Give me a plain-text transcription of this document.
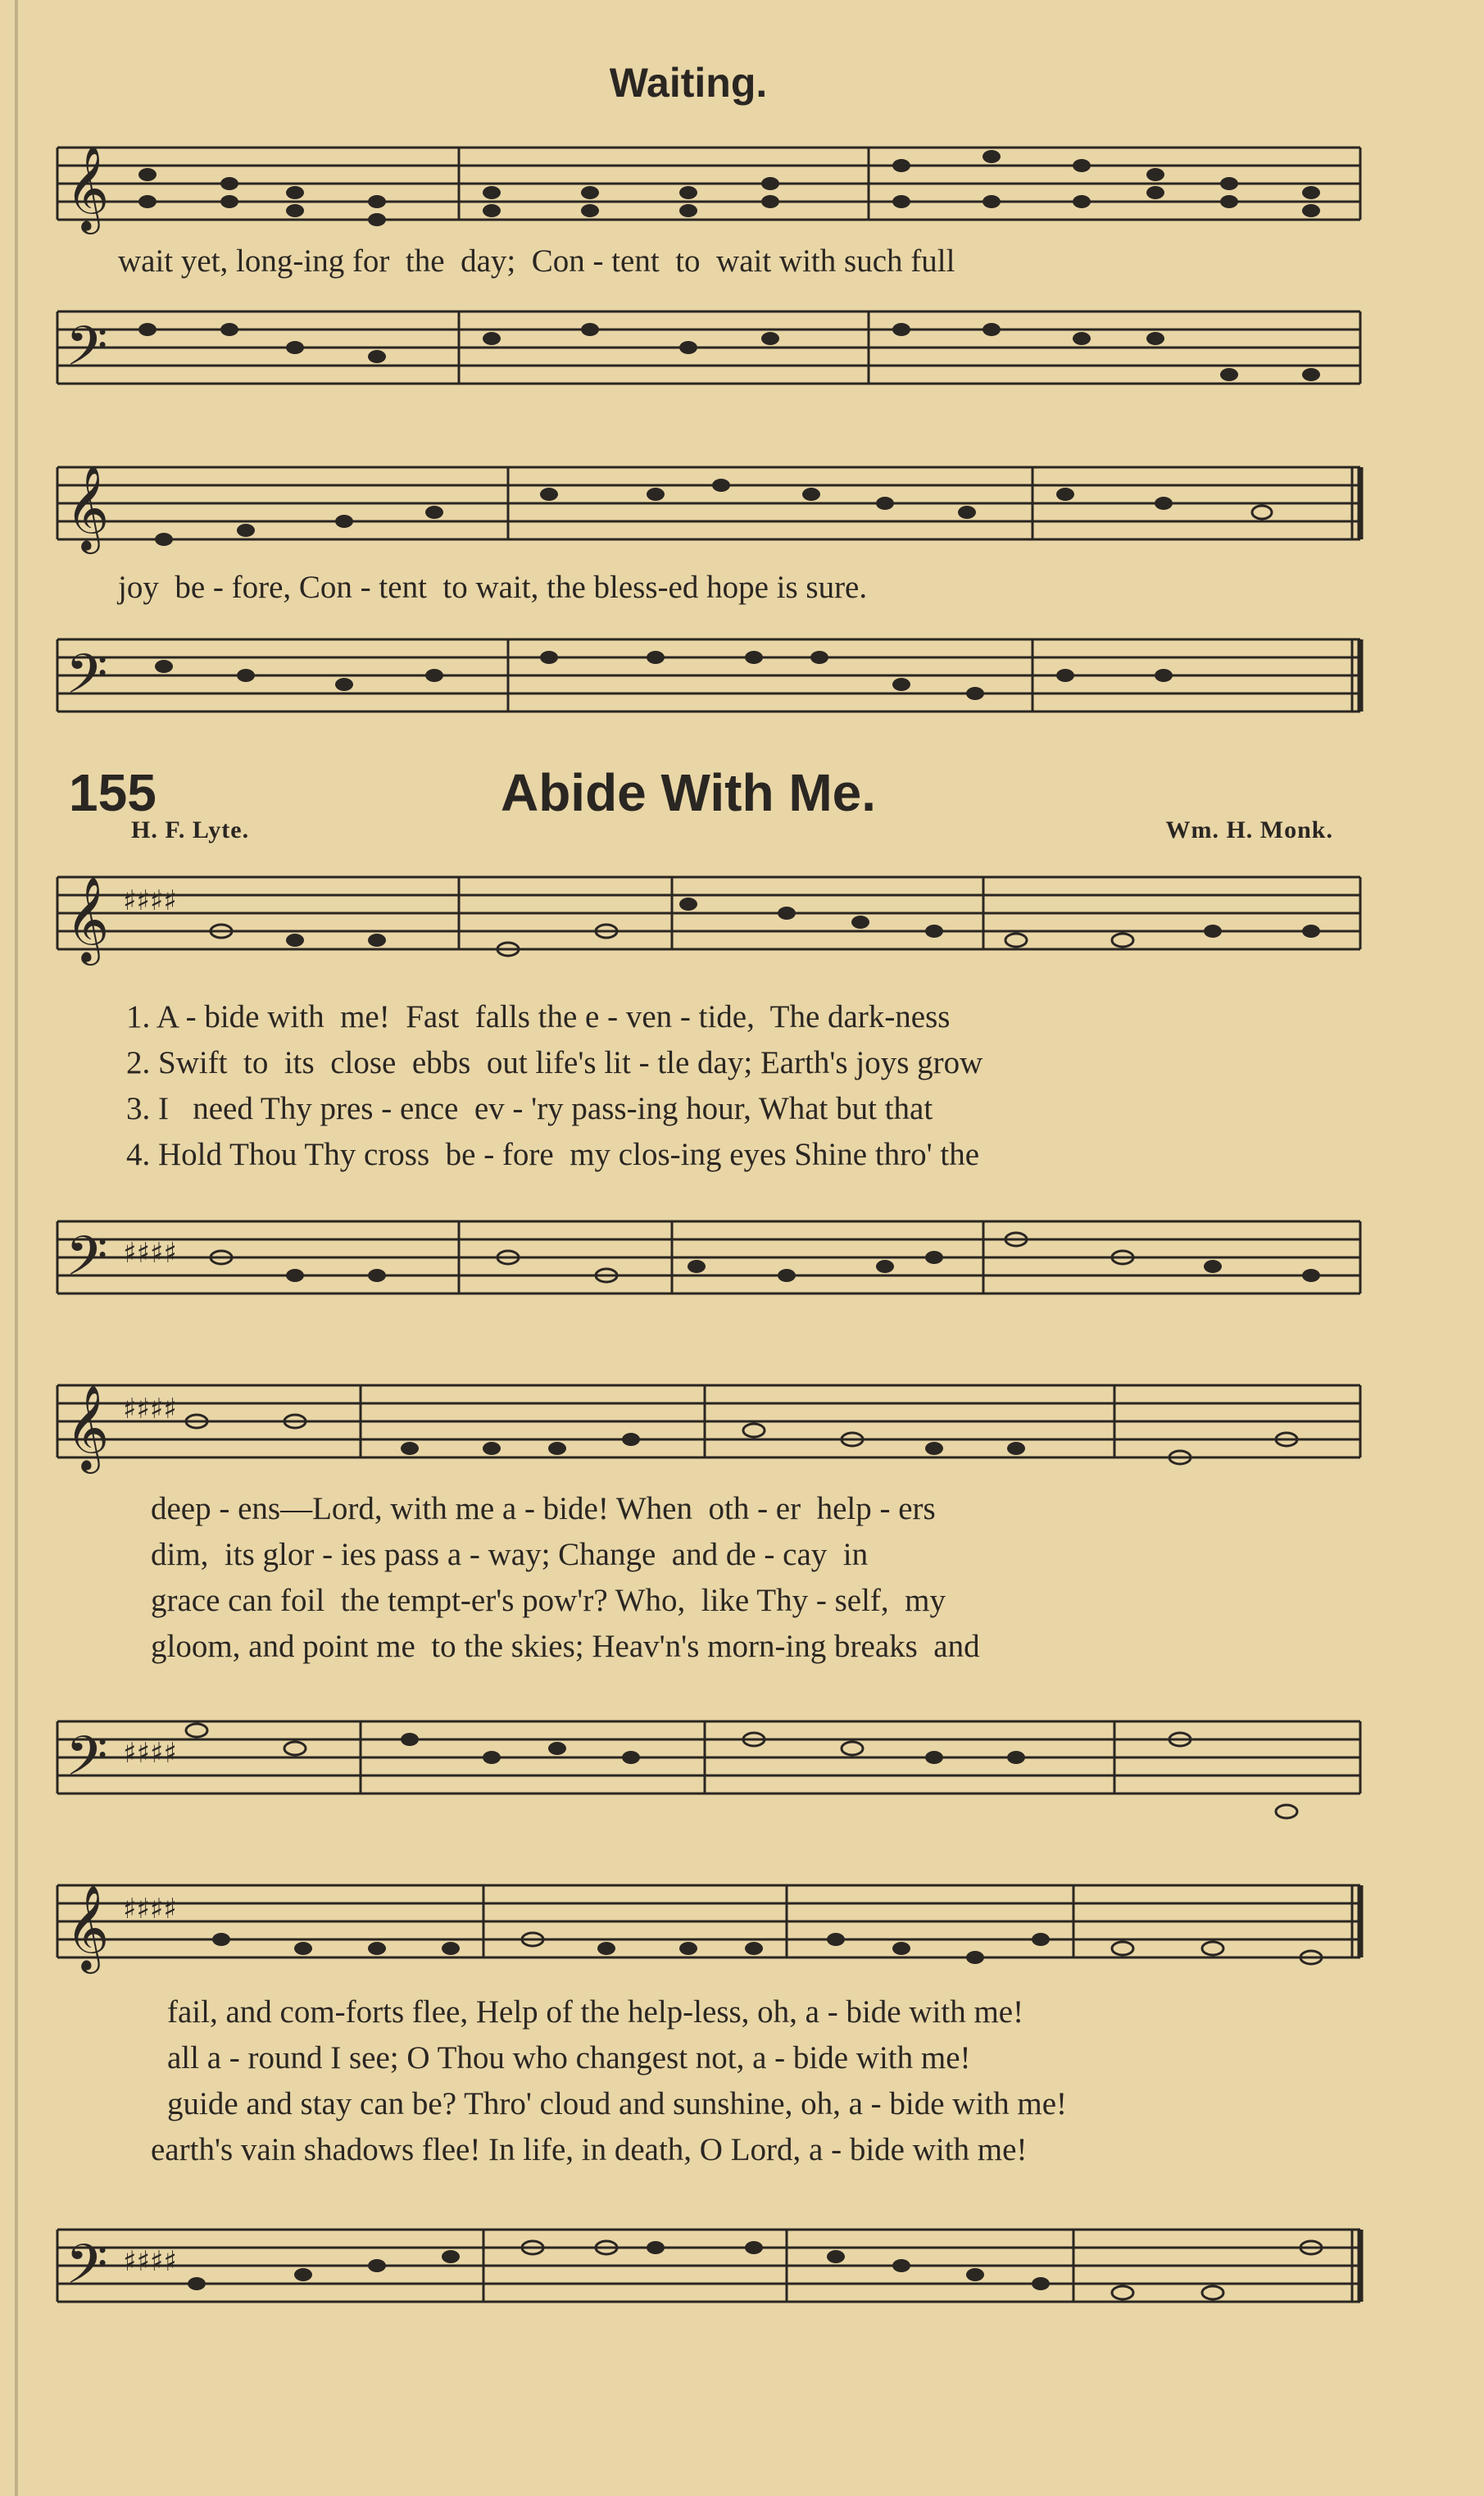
Waiting.
𝄞
wait yet, long-ing for  the  day;  Con - tent  to  wait with such full
𝄢
𝄞
joy  be - fore, Con - tent  to wait, the bless-ed hope is sure.
𝄢
155	Abide With Me.
H. F. Lyte.	Wm. H. Monk.
𝄞 ♯♯♯♯
1. A - bide with  me!  Fast  falls the e - ven - tide,  The dark-ness
2. Swift  to  its  close  ebbs  out life's lit - tle day; Earth's joys grow
3. I   need Thy pres - ence  ev - 'ry pass-ing hour, What but that
4. Hold Thou Thy cross  be - fore  my clos-ing eyes Shine thro' the
𝄢 ♯♯♯♯
𝄞 ♯♯♯♯
deep - ens—Lord, with me a - bide! When  oth - er  help - ers
dim,  its glor - ies pass a - way; Change  and de - cay  in
grace can foil  the tempt-er's pow'r? Who,  like Thy - self,  my
gloom, and point me  to the skies; Heav'n's morn-ing breaks  and
𝄢 ♯♯♯♯
𝄞 ♯♯♯♯
fail, and com-forts flee, Help of the help-less, oh, a - bide with me!
all a - round I see; O Thou who changest not, a - bide with me!
guide and stay can be? Thro' cloud and sunshine, oh, a - bide with me!
earth's vain shadows flee! In life, in death, O Lord, a - bide with me!
𝄢 ♯♯♯♯
